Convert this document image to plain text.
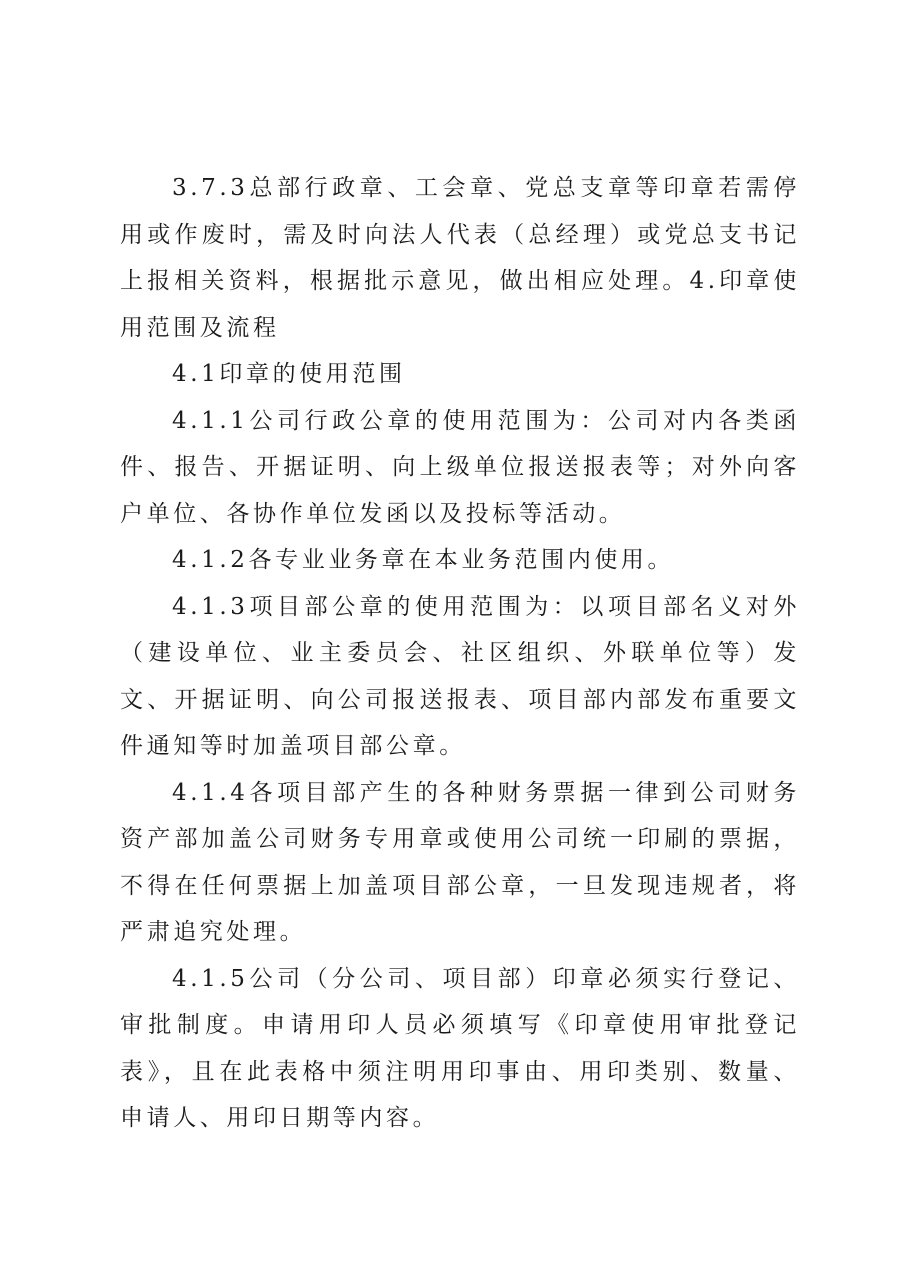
3.7.3总部行政章、工会章、党总支章等印章若需停用或作废时，需及时向法人代表（总经理）或党总支书记上报相关资料，根据批示意见，做出相应处理。4.印章使用范围及流程

4.1印章的使用范围

4.1.1公司行政公章的使用范围为：公司对内各类函件、报告、开据证明、向上级单位报送报表等；对外向客户单位、各协作单位发函以及投标等活动。

4.1.2各专业业务章在本业务范围内使用。

4.1.3项目部公章的使用范围为：以项目部名义对外（建设单位、业主委员会、社区组织、外联单位等）发文、开据证明、向公司报送报表、项目部内部发布重要文件通知等时加盖项目部公章。

4.1.4各项目部产生的各种财务票据一律到公司财务资产部加盖公司财务专用章或使用公司统一印刷的票据，不得在任何票据上加盖项目部公章，一旦发现违规者，将严肃追究处理。

4.1.5公司（分公司、项目部）印章必须实行登记、审批制度。申请用印人员必须填写《印章使用审批登记表》，且在此表格中须注明用印事由、用印类别、数量、申请人、用印日期等内容。
